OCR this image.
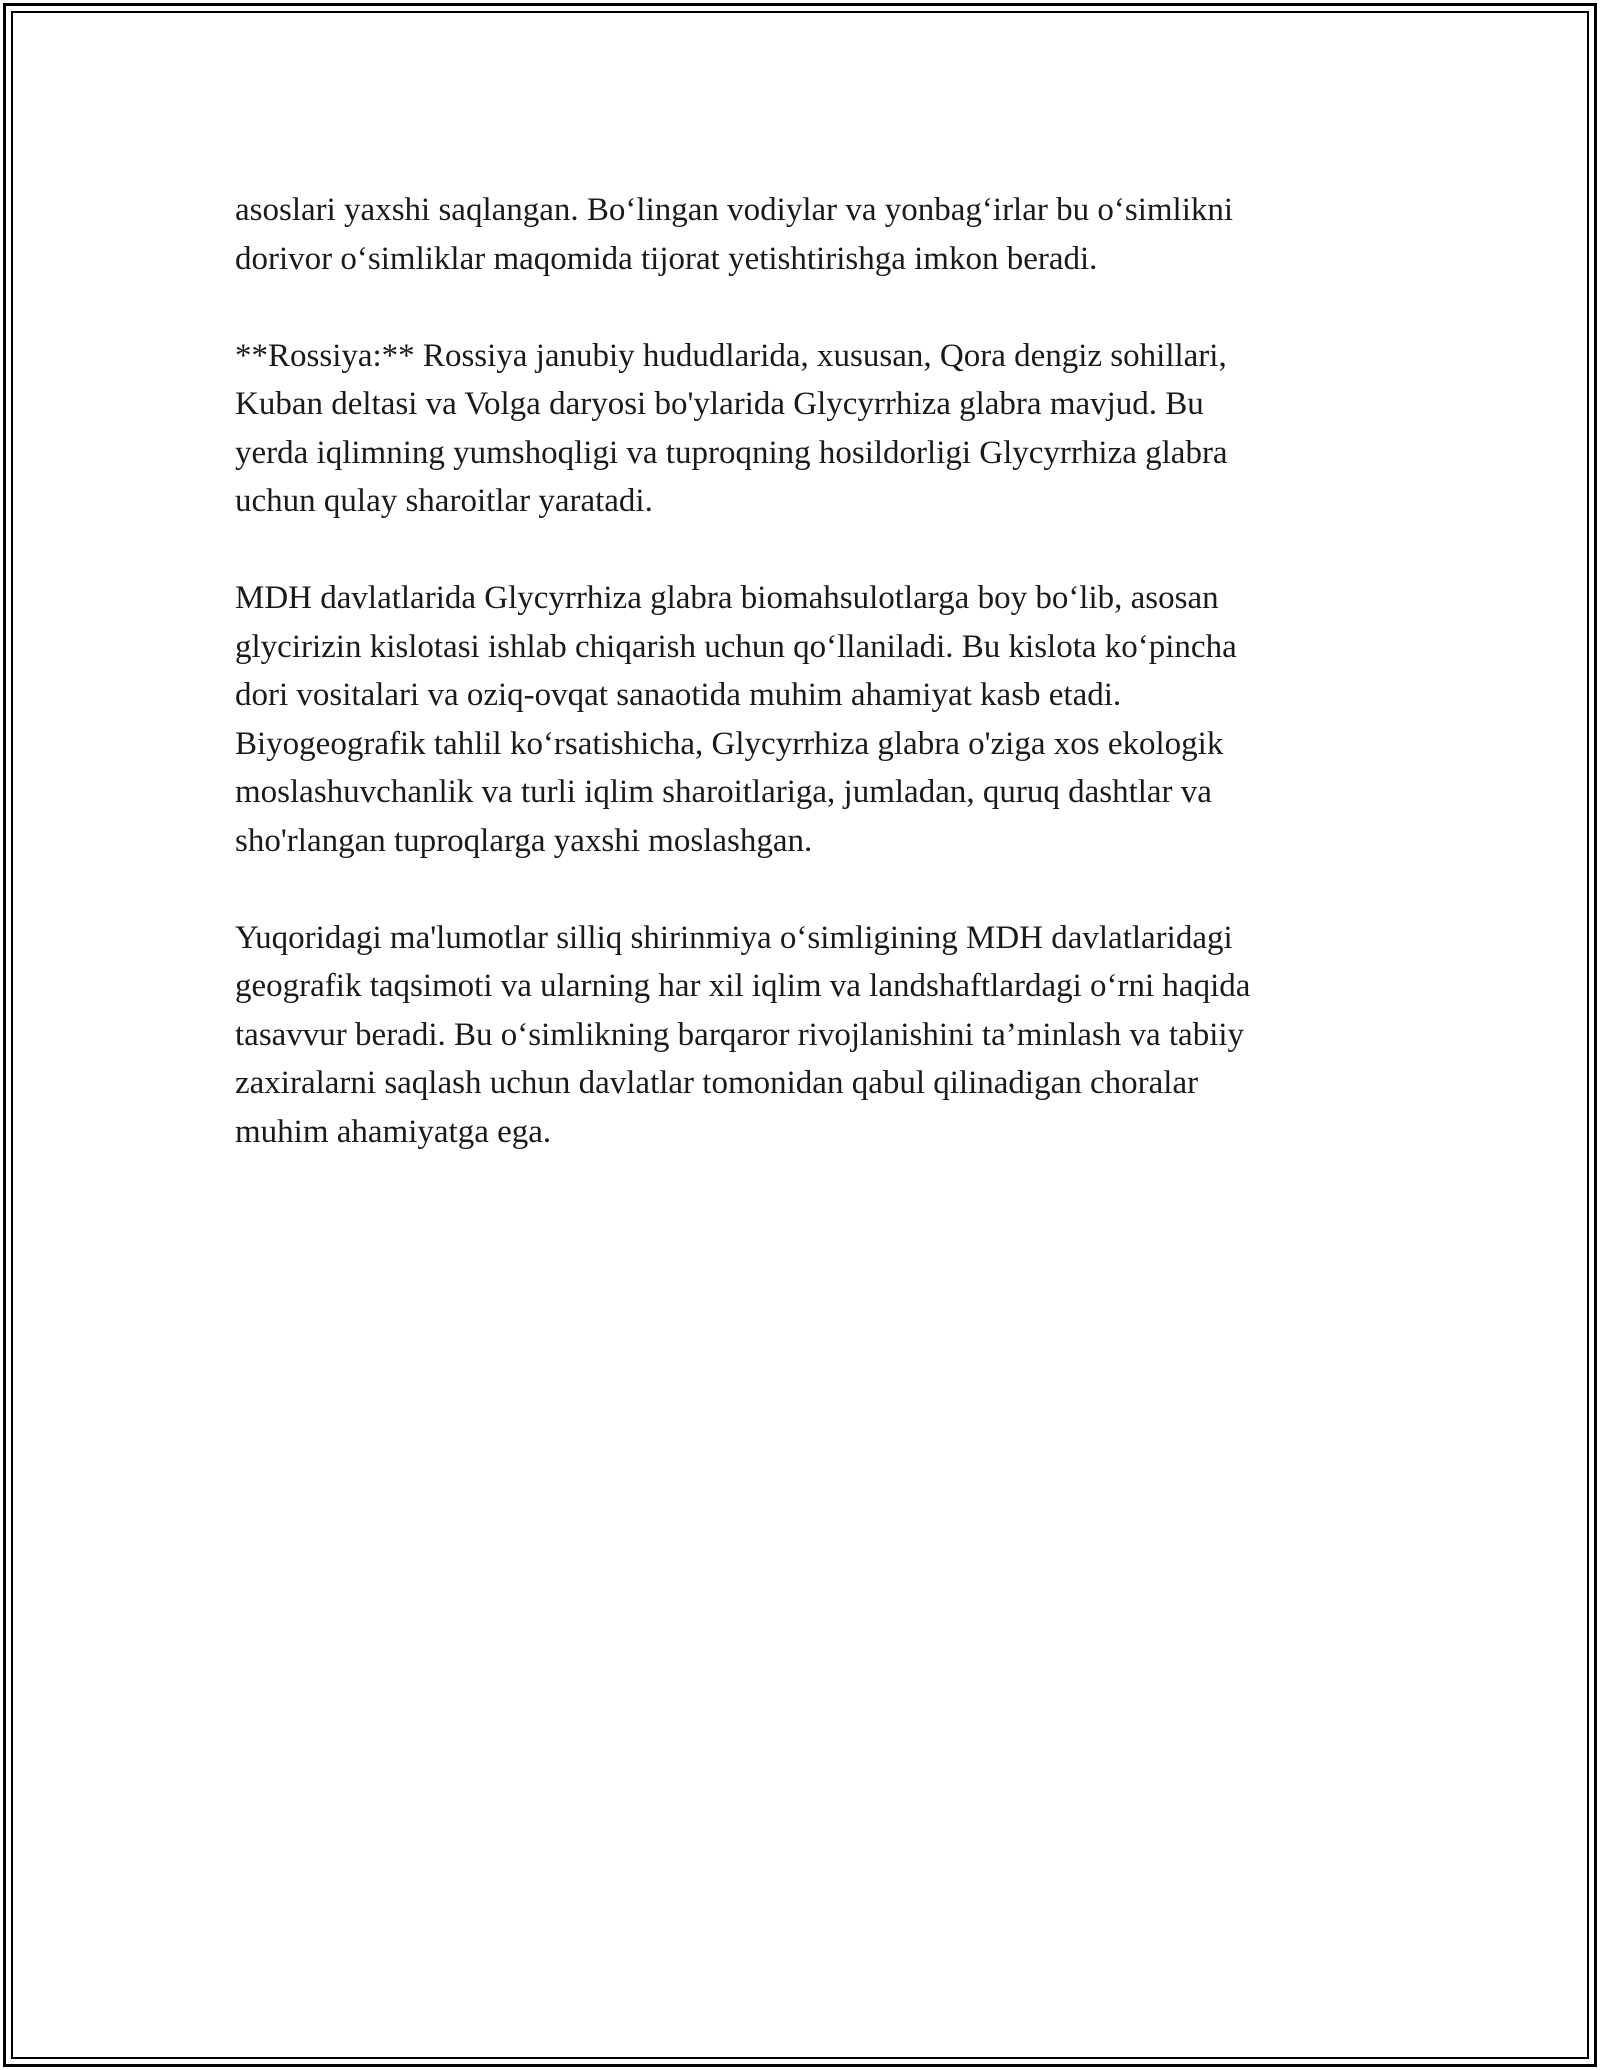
asoslari yaxshi saqlangan. Bo‘lingan vodiylar va yonbag‘irlar bu o‘simlikni
dorivor o‘simliklar maqomida tijorat yetishtirishga imkon beradi.

**Rossiya:** Rossiya janubiy hududlarida, xususan, Qora dengiz sohillari,
Kuban deltasi va Volga daryosi bo'ylarida Glycyrrhiza glabra mavjud. Bu
yerda iqlimning yumshoqligi va tuproqning hosildorligi Glycyrrhiza glabra
uchun qulay sharoitlar yaratadi.

MDH davlatlarida Glycyrrhiza glabra biomahsulotlarga boy bo‘lib, asosan
glycirizin kislotasi ishlab chiqarish uchun qo‘llaniladi. Bu kislota ko‘pincha
dori vositalari va oziq-ovqat sanaotida muhim ahamiyat kasb etadi.
Biyogeografik tahlil ko‘rsatishicha, Glycyrrhiza glabra o'ziga xos ekologik
moslashuvchanlik va turli iqlim sharoitlariga, jumladan, quruq dashtlar va
sho'rlangan tuproqlarga yaxshi moslashgan.

Yuqoridagi ma'lumotlar silliq shirinmiya o‘simligining MDH davlatlaridagi
geografik taqsimoti va ularning har xil iqlim va landshaftlardagi o‘rni haqida
tasavvur beradi. Bu o‘simlikning barqaror rivojlanishini ta’minlash va tabiiy
zaxiralarni saqlash uchun davlatlar tomonidan qabul qilinadigan choralar
muhim ahamiyatga ega.
